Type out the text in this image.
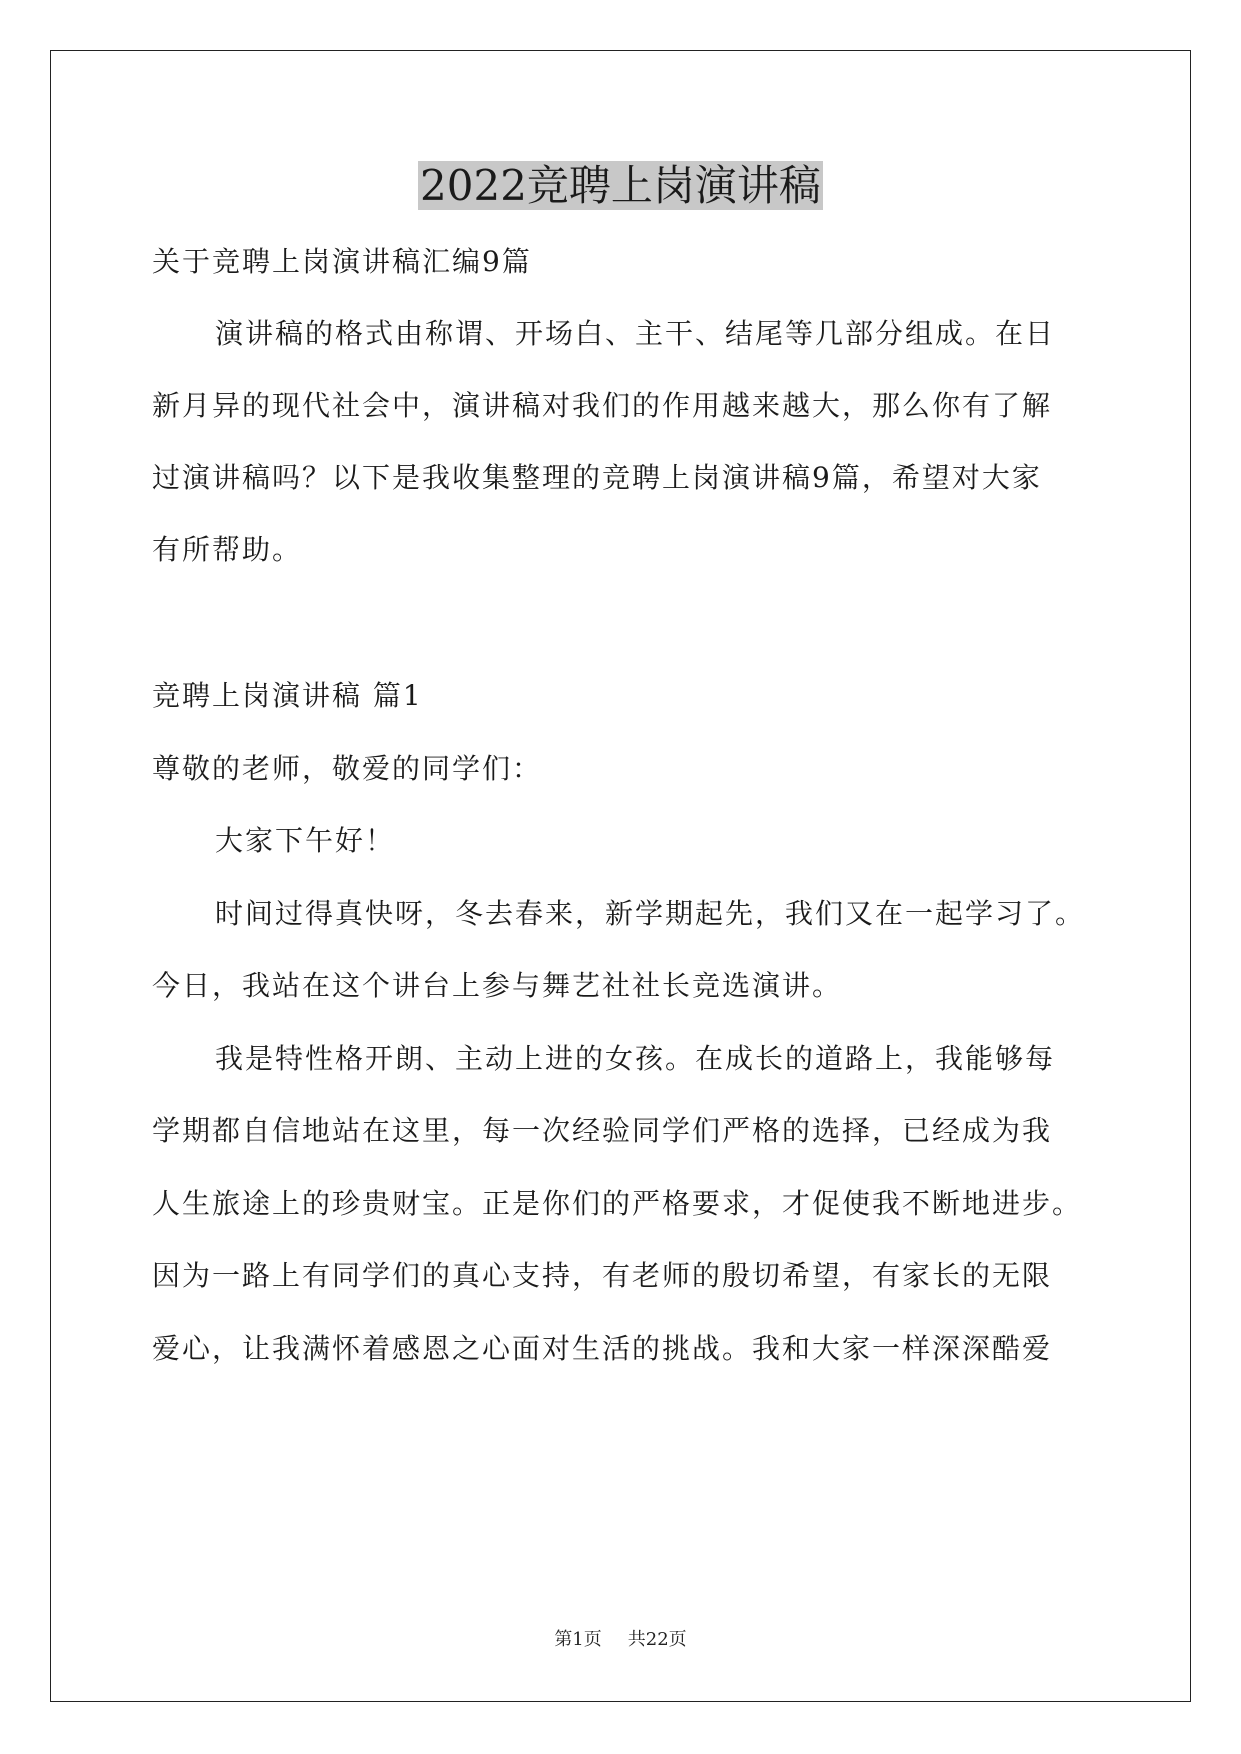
2022竞聘上岗演讲稿

关于竞聘上岗演讲稿汇编9篇

演讲稿的格式由称谓、开场白、主干、结尾等几部分组成。在日

新月异的现代社会中，演讲稿对我们的作用越来越大，那么你有了解

过演讲稿吗？以下是我收集整理的竞聘上岗演讲稿9篇，希望对大家

有所帮助。

竞聘上岗演讲稿 篇1

尊敬的老师，敬爱的同学们：

大家下午好！

时间过得真快呀，冬去春来，新学期起先，我们又在一起学习了。

今日，我站在这个讲台上参与舞艺社社长竞选演讲。

我是特性格开朗、主动上进的女孩。在成长的道路上，我能够每

学期都自信地站在这里，每一次经验同学们严格的选择，已经成为我

人生旅途上的珍贵财宝。正是你们的严格要求，才促使我不断地进步。

因为一路上有同学们的真心支持，有老师的殷切希望，有家长的无限

爱心，让我满怀着感恩之心面对生活的挑战。我和大家一样深深酷爱

第1页 共22页
